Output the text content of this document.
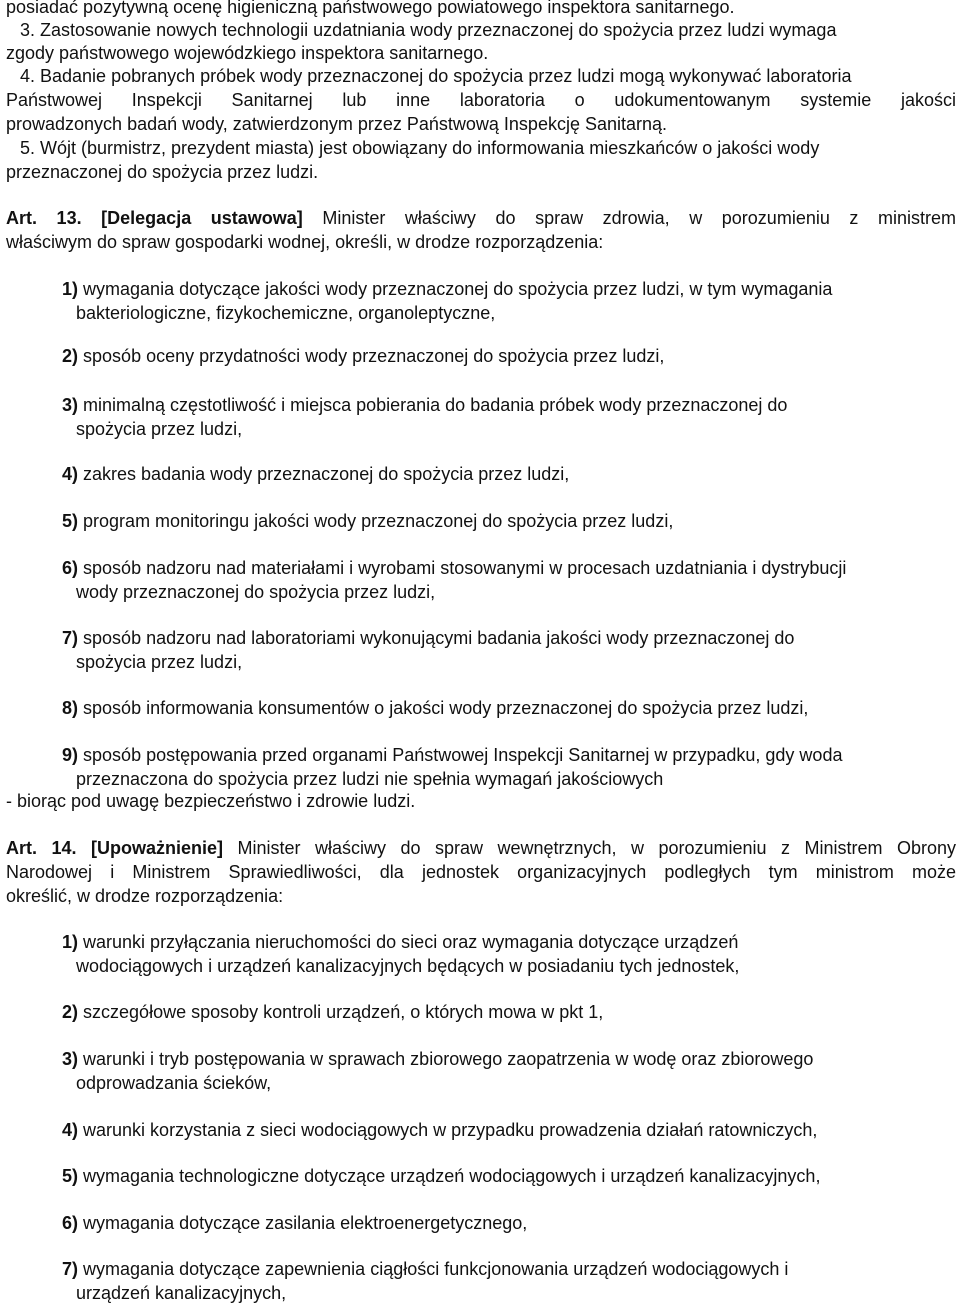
posiadać pozytywną ocenę higieniczną państwowego powiatowego inspektora sanitarnego.
3. Zastosowanie nowych technologii uzdatniania wody przeznaczonej do spożycia przez ludzi wymaga
zgody państwowego wojewódzkiego inspektora sanitarnego.
4. Badanie pobranych próbek wody przeznaczonej do spożycia przez ludzi mogą wykonywać laboratoria
Państwowej Inspekcji Sanitarnej lub inne laboratoria o udokumentowanym systemie jakości
prowadzonych badań wody, zatwierdzonym przez Państwową Inspekcję Sanitarną.
5. Wójt (burmistrz, prezydent miasta) jest obowiązany do informowania mieszkańców o jakości wody
przeznaczonej do spożycia przez ludzi.
Art. 13. [Delegacja ustawowa] Minister właściwy do spraw zdrowia, w porozumieniu z ministrem
właściwym do spraw gospodarki wodnej, określi, w drodze rozporządzenia:
1) wymagania dotyczące jakości wody przeznaczonej do spożycia przez ludzi, w tym wymagania
bakteriologiczne, fizykochemiczne, organoleptyczne,
2) sposób oceny przydatności wody przeznaczonej do spożycia przez ludzi,
3) minimalną częstotliwość i miejsca pobierania do badania próbek wody przeznaczonej do
spożycia przez ludzi,
4) zakres badania wody przeznaczonej do spożycia przez ludzi,
5) program monitoringu jakości wody przeznaczonej do spożycia przez ludzi,
6) sposób nadzoru nad materiałami i wyrobami stosowanymi w procesach uzdatniania i dystrybucji
wody przeznaczonej do spożycia przez ludzi,
7) sposób nadzoru nad laboratoriami wykonującymi badania jakości wody przeznaczonej do
spożycia przez ludzi,
8) sposób informowania konsumentów o jakości wody przeznaczonej do spożycia przez ludzi,
9) sposób postępowania przed organami Państwowej Inspekcji Sanitarnej w przypadku, gdy woda
przeznaczona do spożycia przez ludzi nie spełnia wymagań jakościowych
- biorąc pod uwagę bezpieczeństwo i zdrowie ludzi.
Art. 14. [Upoważnienie] Minister właściwy do spraw wewnętrznych, w porozumieniu z Ministrem Obrony
Narodowej i Ministrem Sprawiedliwości, dla jednostek organizacyjnych podległych tym ministrom może
określić, w drodze rozporządzenia:
1) warunki przyłączania nieruchomości do sieci oraz wymagania dotyczące urządzeń
wodociągowych i urządzeń kanalizacyjnych będących w posiadaniu tych jednostek,
2) szczegółowe sposoby kontroli urządzeń, o których mowa w pkt 1,
3) warunki i tryb postępowania w sprawach zbiorowego zaopatrzenia w wodę oraz zbiorowego
odprowadzania ścieków,
4) warunki korzystania z sieci wodociągowych w przypadku prowadzenia działań ratowniczych,
5) wymagania technologiczne dotyczące urządzeń wodociągowych i urządzeń kanalizacyjnych,
6) wymagania dotyczące zasilania elektroenergetycznego,
7) wymagania dotyczące zapewnienia ciągłości funkcjonowania urządzeń wodociągowych i
urządzeń kanalizacyjnych,
